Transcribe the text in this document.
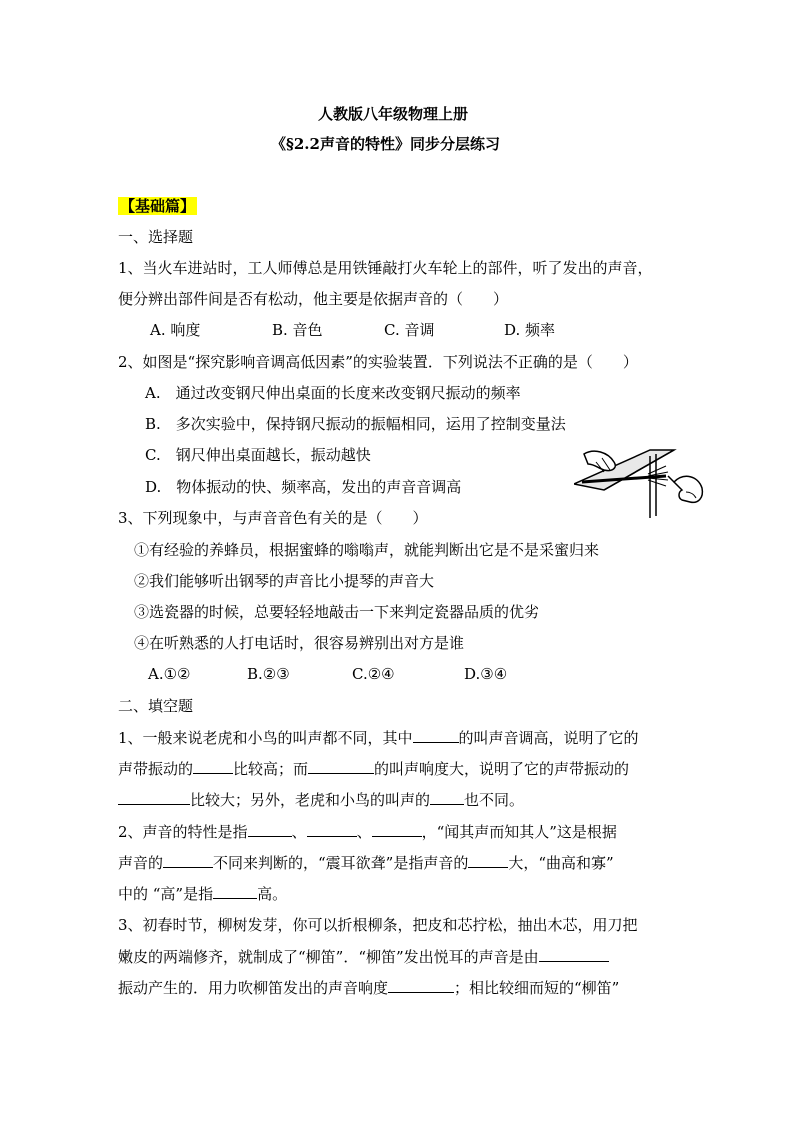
人教版八年级物理上册
《§2.2声音的特性》同步分层练习
【基础篇】
一、选择题
1、当火车进站时，工人师傅总是用铁锤敲打火车轮上的部件，听了发出的声音，
便分辨出部件间是否有松动，他主要是依据声音的（　　）
A. 响度	B. 音色	C. 音调	D. 频率
2、如图是“探究影响音调高低因素”的实验装置．下列说法不正确的是（　　）
A.　通过改变钢尺伸出桌面的长度来改变钢尺振动的频率
B.　多次实验中，保持钢尺振动的振幅相同，运用了控制变量法
C.　钢尺伸出桌面越长，振动越快
D.　物体振动的快、频率高，发出的声音音调高
3、下列现象中，与声音音色有关的是（　　）
①有经验的养蜂员，根据蜜蜂的嗡嗡声，就能判断出它是不是采蜜归来
②我们能够听出钢琴的声音比小提琴的声音大
③选瓷器的时候，总要轻轻地敲击一下来判定瓷器品质的优劣
④在听熟悉的人打电话时，很容易辨别出对方是谁
A.①②	B.②③	C.②④	D.③④
二、填空题
1、一般来说老虎和小鸟的叫声都不同，其中	的叫声音调高，说明了它的
声带振动的	比较高；而	的叫声响度大，说明了它的声带振动的
比较大；另外，老虎和小鸟的叫声的 也不同。
2、声音的特性是指	、	、	，“闻其声而知其人”这是根据
声音的	不同来判断的，“震耳欲聋”是指声音的	大，“曲高和寡”
中的 “高”是指	高。
3、初春时节，柳树发芽，你可以折根柳条，把皮和芯拧松，抽出木芯，用刀把
嫩皮的两端修齐，就制成了“柳笛”．“柳笛”发出悦耳的声音是由
振动产生的．用力吹柳笛发出的声音响度	；相比较细而短的“柳笛”
